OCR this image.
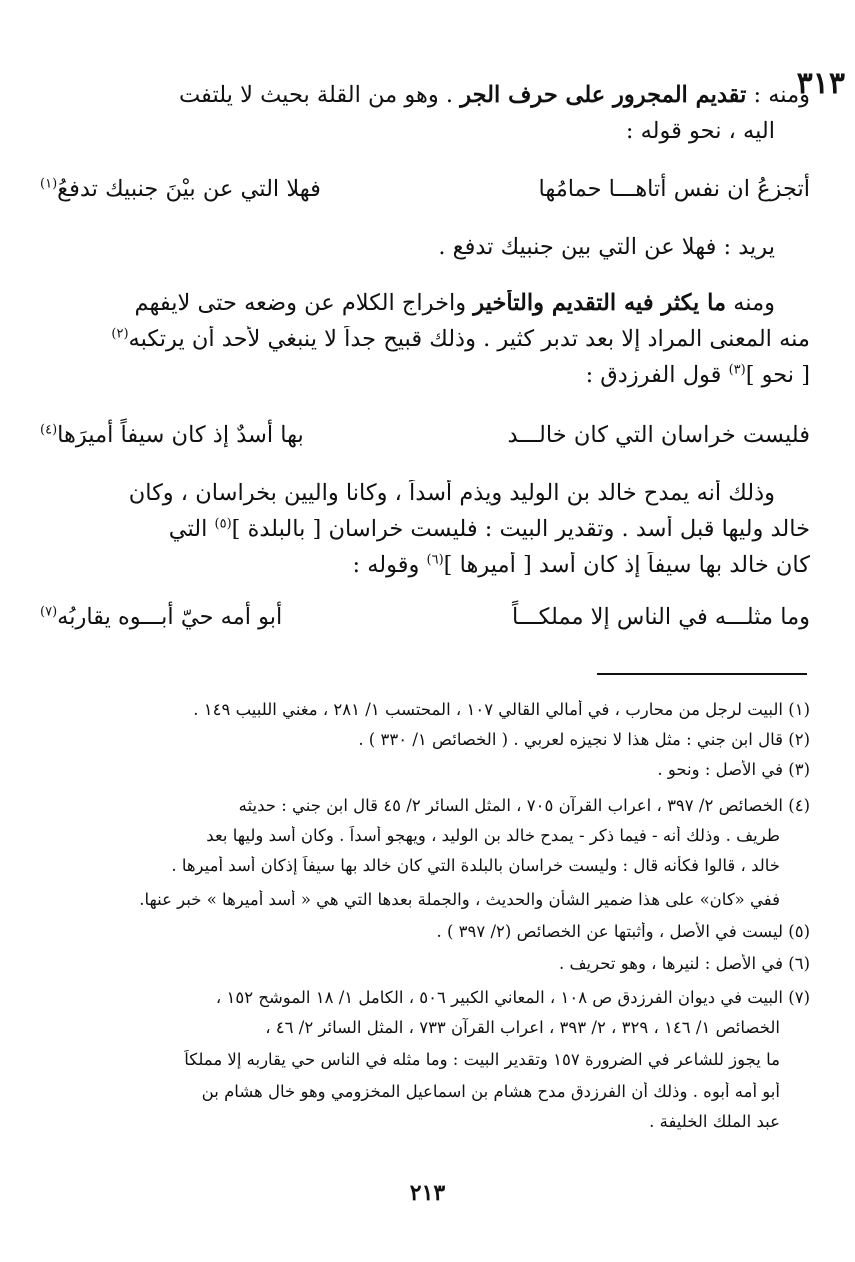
٣١٣
ومنه : تقديم المجرور على حرف الجر . وهو من القلة بحيث لا يلتفت
اليه ، نحو قوله :
أتجزعُ ان نفس أتاهـــا حمامُها
فهلا التي عن بيْنَ جنبيك تدفعُ$^{(١)}$
يريد : فهلا عن التي بين جنبيك تدفع .
ومنه ما يكثر فيه التقديم والتأخير واخراج الكلام عن وضعه حتى لايفهم
منه المعنى المراد إلا بعد تدبر كثير . وذلك قبيح جداً لا ينبغي لأحد أن يرتكبه$^{(٢)}$
[ نحو ]$^{(٣)}$ قول الفرزدق :
فليست خراسان التي كان خالـــد
بها أسدٌ إذ كان سيفاً أميرَها$^{(٤)}$
وذلك أنه يمدح خالد بن الوليد ويذم أسداً ، وكانا واليين بخراسان ، وكان
خالد وليها قبل أسد . وتقدير البيت : فليست خراسان [ بالبلدة ]$^{(٥)}$ التي
كان خالد بها سيفاً إذ كان أسد [ أميرها ]$^{(٦)}$ وقوله :
وما مثلـــه في الناس إلا مملكـــاً
أبو أمه حيّ أبـــوه يقاربُه$^{(٧)}$
(١) البيت لرجل من محارب ، في أمالي القالي ١٠٧ ، المحتسب ١/ ٢٨١ ، مغني اللبيب ١٤٩ .
(٢) قال ابن جني : مثل هذا لا نجيزه لعربي . ( الخصائص ١/ ٣٣٠ ) .
(٣) في الأصل : ونحو .
(٤) الخصائص ٢/ ٣٩٧ ، اعراب القرآن ٧٠٥ ، المثل السائر ٢/ ٤٥ قال ابن جني : حديثه
طريف . وذلك أنه - فيما ذكر - يمدح خالد بن الوليد ، ويهجو أسداً . وكان أسد وليها بعد
خالد ، قالوا فكأنه قال : وليست خراسان بالبلدة التي كان خالد بها سيفاً إذكان أسد أميرها .
ففي «كان» على هذا ضمير الشأن والحديث ، والجملة بعدها التي هي « أسد أميرها » خبر عنها.
(٥) ليست في الأصل ، وأثبتها عن الخصائص (٢/ ٣٩٧ ) .
(٦) في الأصل : لنيرها ، وهو تحريف .
(٧) البيت في ديوان الفرزدق ص ١٠٨ ، المعاني الكبير ٥٠٦ ، الكامل ١/ ١٨ الموشح ١٥٢ ،
الخصائص ١/ ١٤٦ ، ٣٢٩ ، ٢/ ٣٩٣ ، اعراب القرآن ٧٣٣ ، المثل السائر ٢/ ٤٦ ،
ما يجوز للشاعر في الضرورة ١٥٧ وتقدير البيت : وما مثله في الناس حي يقاربه إلا مملكاً
أبو أمه أبوه . وذلك أن الفرزدق مدح هشام بن اسماعيل المخزومي وهو خال هشام بن
عبد الملك الخليفة .
٢١٣
